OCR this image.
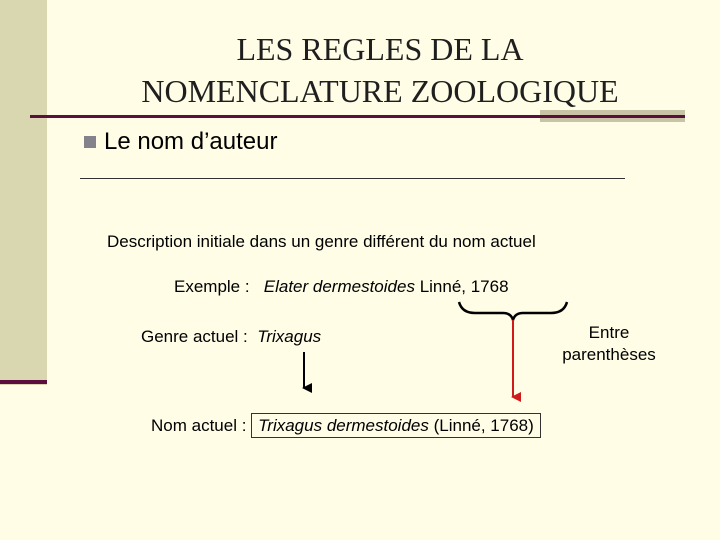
LES REGLES DE LA
NOMENCLATURE ZOOLOGIQUE
Le nom d’auteur
Description initiale dans un genre différent du nom actuel
Exemple : Elater dermestoides Linné, 1768
Genre actuel : Trixagus	Entre
parenthèses
Nom actuel : Trixagus dermestoides (Linné, 1768)
